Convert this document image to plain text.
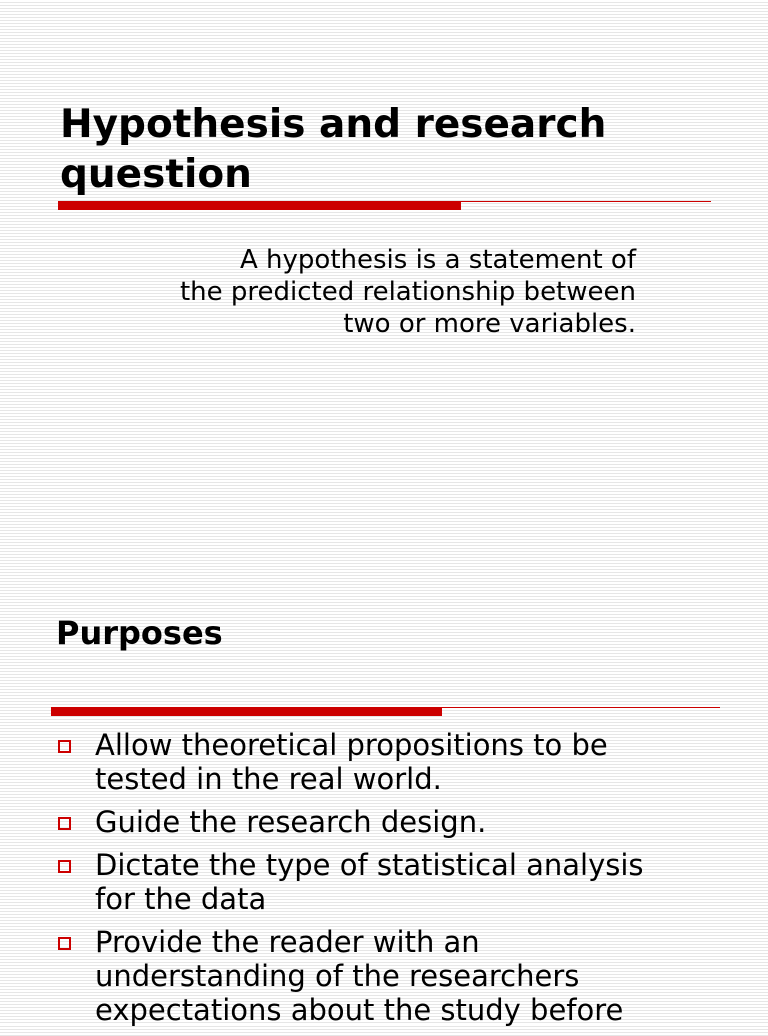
Hypothesis and research
question

A hypothesis is a statement of
the predicted relationship between
two or more variables.

Purposes
Allow theoretical propositions to be
tested in the real world.
Guide the research design.
Dictate the type of statistical analysis
for the data
Provide the reader with an
understanding of the researchers
expectations about the study before
